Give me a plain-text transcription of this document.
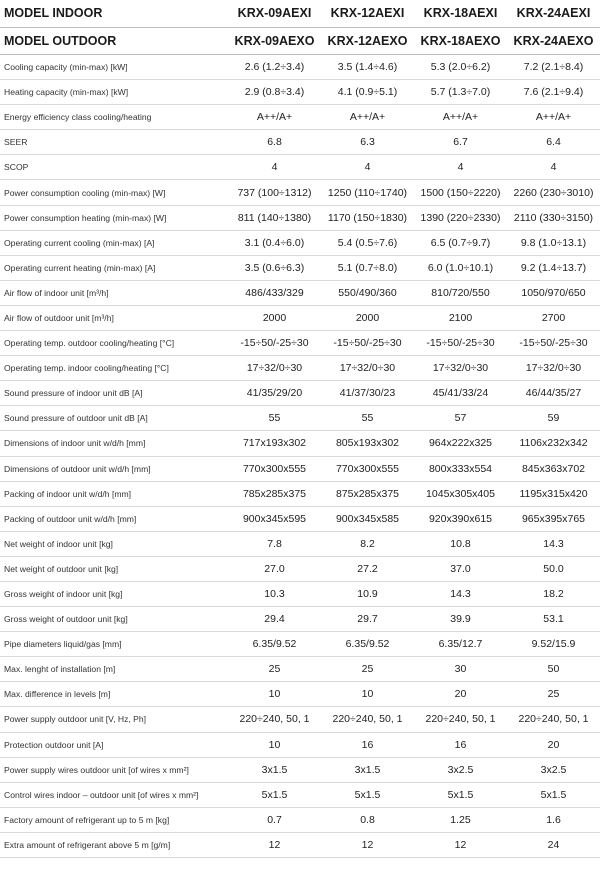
MODEL INDOOR	KRX-09AEXI	KRX-12AEXI	KRX-18AEXI	KRX-24AEXI
MODEL OUTDOOR	KRX-09AEXO	KRX-12AEXO	KRX-18AEXO	KRX-24AEXO
Cooling capacity (min-max) [kW]	2.6 (1.2÷3.4)	3.5 (1.4÷4.6)	5.3 (2.0÷6.2)	7.2 (2.1÷8.4)
Heating capacity (min-max) [kW]	2.9 (0.8÷3.4)	4.1 (0.9÷5.1)	5.7 (1.3÷7.0)	7.6 (2.1÷9.4)
Energy efficiency class cooling/heating	A++/A+	A++/A+	A++/A+	A++/A+
SEER	6.8	6.3	6.7	6.4
SCOP	4	4	4	4
Power consumption cooling (min-max) [W]	737 (100÷1312)	1250 (110÷1740)	1500 (150÷2220)	2260 (230÷3010)
Power consumption heating (min-max) [W]	811 (140÷1380)	1170 (150÷1830)	1390 (220÷2330)	2110 (330÷3150)
Operating current cooling (min-max) [A]	3.1 (0.4÷6.0)	5.4 (0.5÷7.6)	6.5 (0.7÷9.7)	9.8 (1.0÷13.1)
Operating current heating (min-max) [A]	3.5 (0.6÷6.3)	5.1 (0.7÷8.0)	6.0 (1.0÷10.1)	9.2 (1.4÷13.7)
Air flow of indoor unit [m³/h]	486/433/329	550/490/360	810/720/550	1050/970/650
Air flow of outdoor unit [m³/h]	2000	2000	2100	2700
Operating temp. outdoor cooling/heating [°C]	-15÷50/-25÷30	-15÷50/-25÷30	-15÷50/-25÷30	-15÷50/-25÷30
Operating temp. indoor cooling/heating [°C]	17÷32/0÷30	17÷32/0÷30	17÷32/0÷30	17÷32/0÷30
Sound pressure of indoor unit dB [A]	41/35/29/20	41/37/30/23	45/41/33/24	46/44/35/27
Sound pressure of outdoor unit dB [A]	55	55	57	59
Dimensions of indoor unit w/d/h [mm]	717x193x302	805x193x302	964x222x325	1106x232x342
Dimensions of outdoor unit w/d/h [mm]	770x300x555	770x300x555	800x333x554	845x363x702
Packing of indoor unit w/d/h [mm]	785x285x375	875x285x375	1045x305x405	1195x315x420
Packing of outdoor unit w/d/h [mm]	900x345x595	900x345x585	920x390x615	965x395x765
Net weight of indoor unit [kg]	7.8	8.2	10.8	14.3
Net weight of outdoor unit [kg]	27.0	27.2	37.0	50.0
Gross weight of indoor unit [kg]	10.3	10.9	14.3	18.2
Gross weight of outdoor unit [kg]	29.4	29.7	39.9	53.1
Pipe diameters liquid/gas [mm]	6.35/9.52	6.35/9.52	6.35/12.7	9.52/15.9
Max. lenght of installation [m]	25	25	30	50
Max. difference in levels [m]	10	10	20	25
Power supply outdoor unit [V, Hz, Ph]	220÷240, 50, 1	220÷240, 50, 1	220÷240, 50, 1	220÷240, 50, 1
Protection outdoor unit [A]	10	16	16	20
Power supply wires outdoor unit [of wires x mm²]	3x1.5	3x1.5	3x2.5	3x2.5
Control wires indoor – outdoor unit [of wires x mm²]	5x1.5	5x1.5	5x1.5	5x1.5
Factory amount of refrigerant up to 5 m [kg]	0.7	0.8	1.25	1.6
Extra amount of refrigerant above 5 m [g/m]	12	12	12	24
